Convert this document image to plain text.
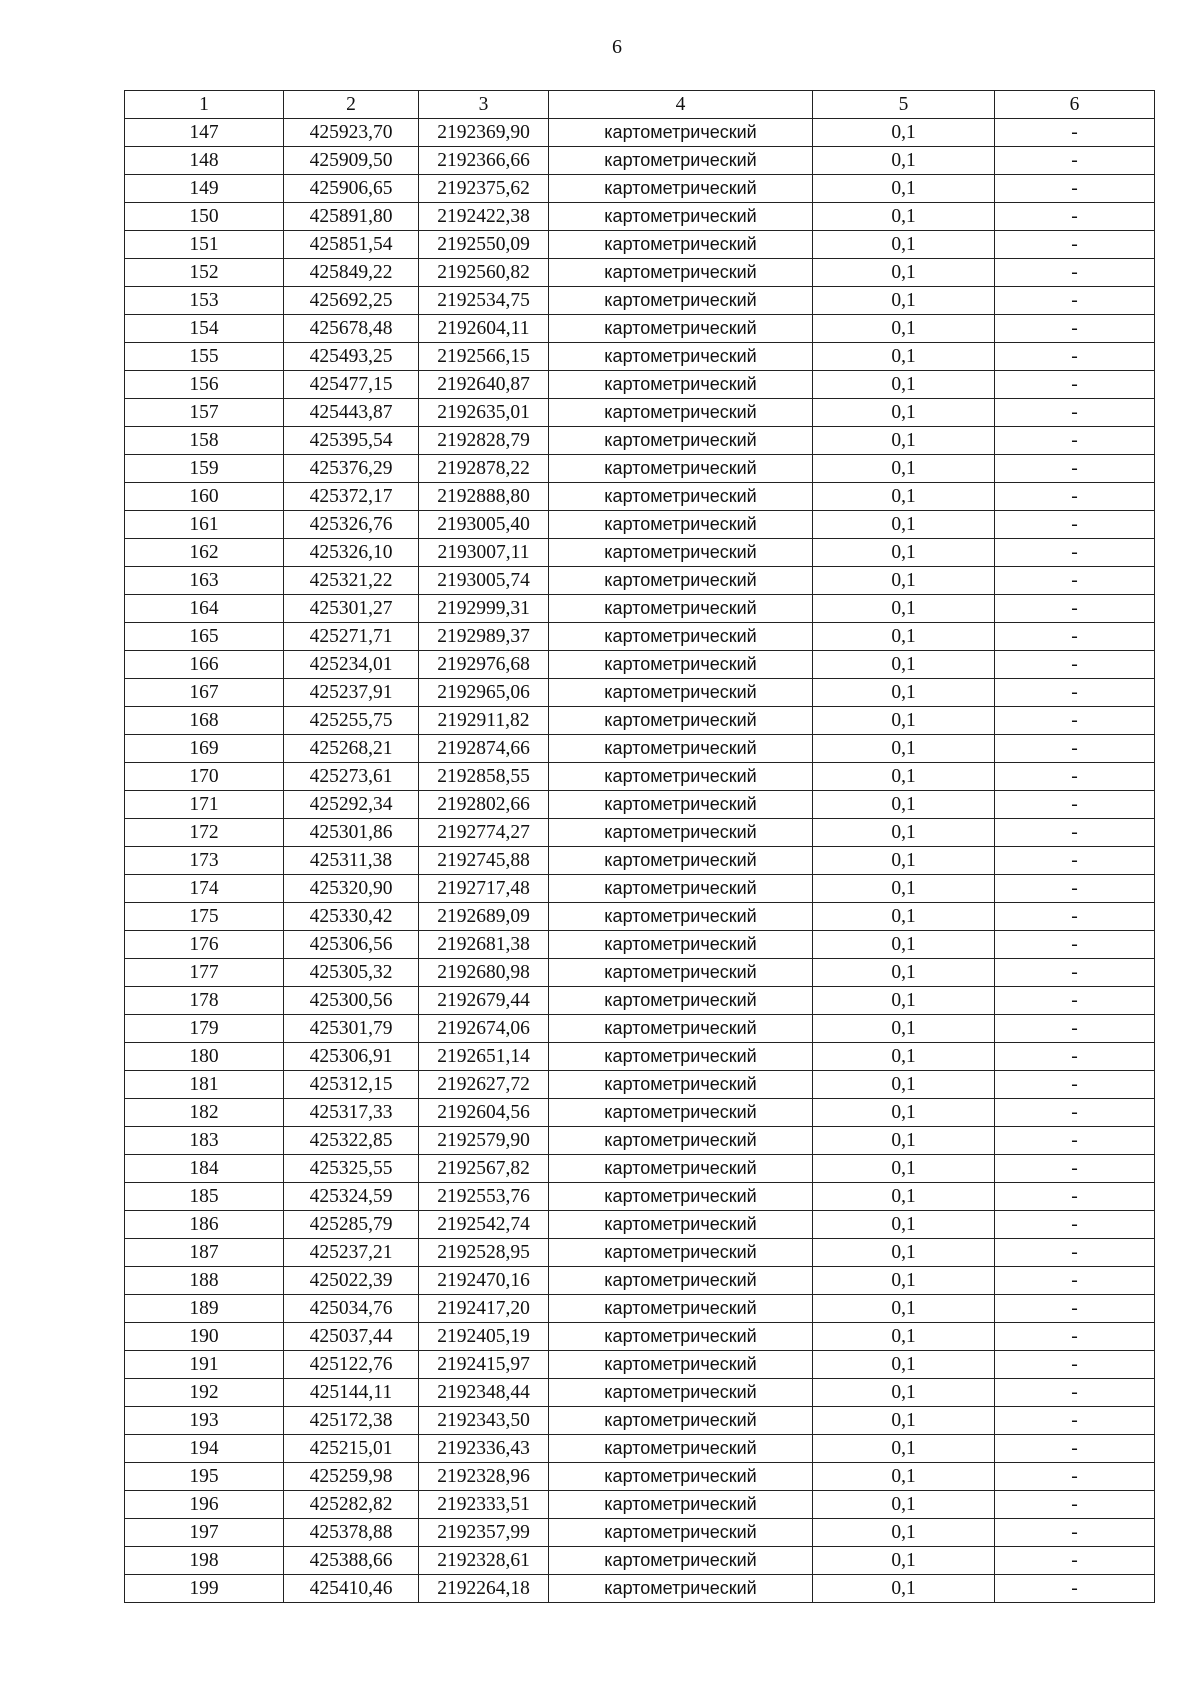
6
1	2	3	4	5	6
147	425923,70	2192369,90	картометрический	0,1	-
148	425909,50	2192366,66	картометрический	0,1	-
149	425906,65	2192375,62	картометрический	0,1	-
150	425891,80	2192422,38	картометрический	0,1	-
151	425851,54	2192550,09	картометрический	0,1	-
152	425849,22	2192560,82	картометрический	0,1	-
153	425692,25	2192534,75	картометрический	0,1	-
154	425678,48	2192604,11	картометрический	0,1	-
155	425493,25	2192566,15	картометрический	0,1	-
156	425477,15	2192640,87	картометрический	0,1	-
157	425443,87	2192635,01	картометрический	0,1	-
158	425395,54	2192828,79	картометрический	0,1	-
159	425376,29	2192878,22	картометрический	0,1	-
160	425372,17	2192888,80	картометрический	0,1	-
161	425326,76	2193005,40	картометрический	0,1	-
162	425326,10	2193007,11	картометрический	0,1	-
163	425321,22	2193005,74	картометрический	0,1	-
164	425301,27	2192999,31	картометрический	0,1	-
165	425271,71	2192989,37	картометрический	0,1	-
166	425234,01	2192976,68	картометрический	0,1	-
167	425237,91	2192965,06	картометрический	0,1	-
168	425255,75	2192911,82	картометрический	0,1	-
169	425268,21	2192874,66	картометрический	0,1	-
170	425273,61	2192858,55	картометрический	0,1	-
171	425292,34	2192802,66	картометрический	0,1	-
172	425301,86	2192774,27	картометрический	0,1	-
173	425311,38	2192745,88	картометрический	0,1	-
174	425320,90	2192717,48	картометрический	0,1	-
175	425330,42	2192689,09	картометрический	0,1	-
176	425306,56	2192681,38	картометрический	0,1	-
177	425305,32	2192680,98	картометрический	0,1	-
178	425300,56	2192679,44	картометрический	0,1	-
179	425301,79	2192674,06	картометрический	0,1	-
180	425306,91	2192651,14	картометрический	0,1	-
181	425312,15	2192627,72	картометрический	0,1	-
182	425317,33	2192604,56	картометрический	0,1	-
183	425322,85	2192579,90	картометрический	0,1	-
184	425325,55	2192567,82	картометрический	0,1	-
185	425324,59	2192553,76	картометрический	0,1	-
186	425285,79	2192542,74	картометрический	0,1	-
187	425237,21	2192528,95	картометрический	0,1	-
188	425022,39	2192470,16	картометрический	0,1	-
189	425034,76	2192417,20	картометрический	0,1	-
190	425037,44	2192405,19	картометрический	0,1	-
191	425122,76	2192415,97	картометрический	0,1	-
192	425144,11	2192348,44	картометрический	0,1	-
193	425172,38	2192343,50	картометрический	0,1	-
194	425215,01	2192336,43	картометрический	0,1	-
195	425259,98	2192328,96	картометрический	0,1	-
196	425282,82	2192333,51	картометрический	0,1	-
197	425378,88	2192357,99	картометрический	0,1	-
198	425388,66	2192328,61	картометрический	0,1	-
199	425410,46	2192264,18	картометрический	0,1	-
